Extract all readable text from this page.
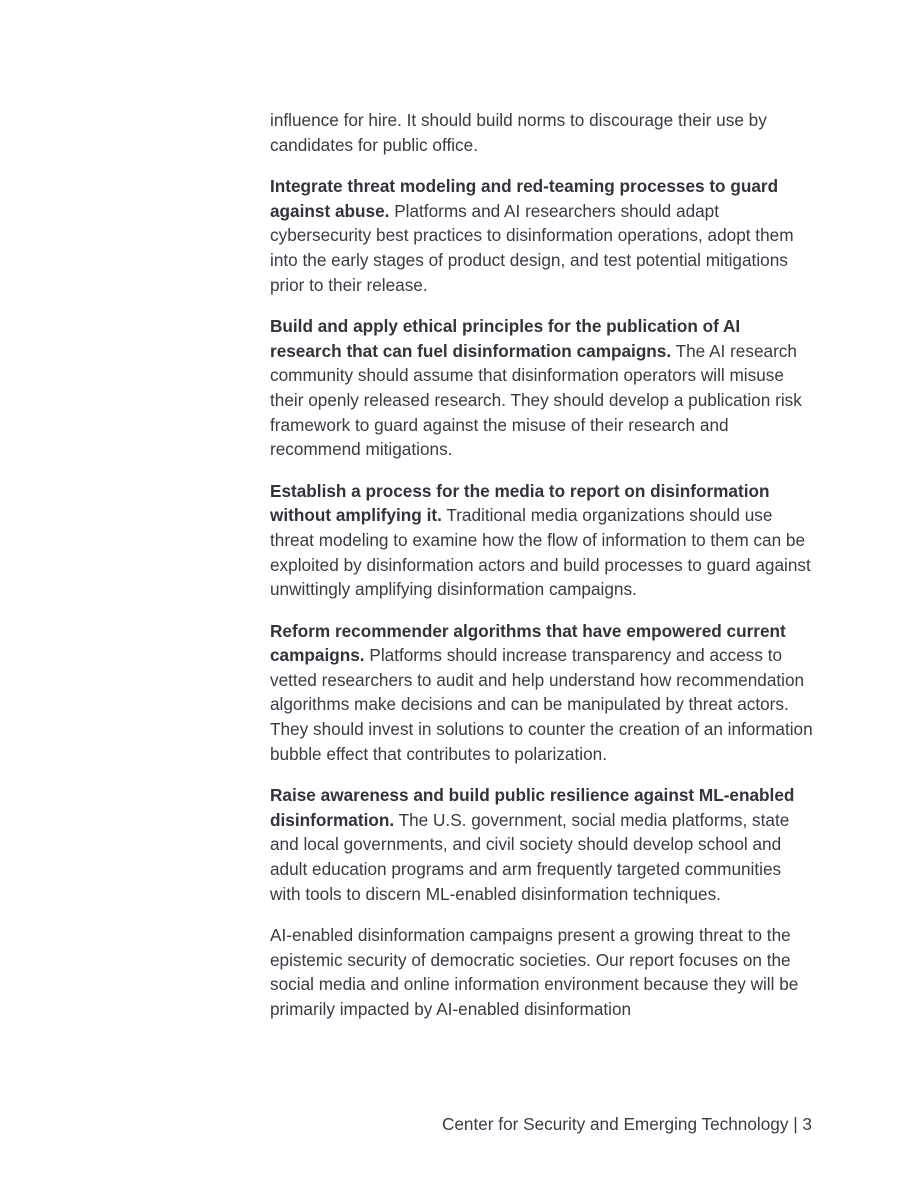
influence for hire. It should build norms to discourage their use by candidates for public office.

Integrate threat modeling and red-teaming processes to guard against abuse. Platforms and AI researchers should adapt cybersecurity best practices to disinformation operations, adopt them into the early stages of product design, and test potential mitigations prior to their release.

Build and apply ethical principles for the publication of AI research that can fuel disinformation campaigns. The AI research community should assume that disinformation operators will misuse their openly released research. They should develop a publication risk framework to guard against the misuse of their research and recommend mitigations.

Establish a process for the media to report on disinformation without amplifying it. Traditional media organizations should use threat modeling to examine how the flow of information to them can be exploited by disinformation actors and build processes to guard against unwittingly amplifying disinformation campaigns.

Reform recommender algorithms that have empowered current campaigns. Platforms should increase transparency and access to vetted researchers to audit and help understand how recommendation algorithms make decisions and can be manipulated by threat actors. They should invest in solutions to counter the creation of an information bubble effect that contributes to polarization.

Raise awareness and build public resilience against ML-enabled disinformation. The U.S. government, social media platforms, state and local governments, and civil society should develop school and adult education programs and arm frequently targeted communities with tools to discern ML-enabled disinformation techniques.

AI-enabled disinformation campaigns present a growing threat to the epistemic security of democratic societies. Our report focuses on the social media and online information environment because they will be primarily impacted by AI-enabled disinformation

Center for Security and Emerging Technology | 3
